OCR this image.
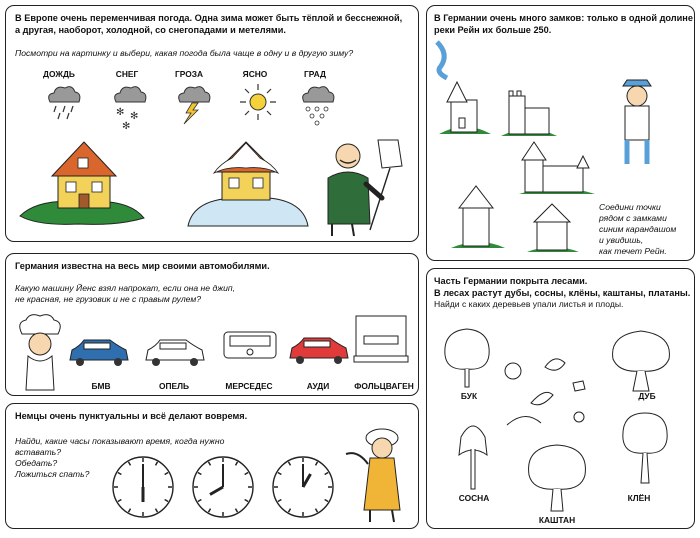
В Европе очень переменчивая погода. Одна зима может быть тёплой и бесснежной,
а другая, наоборот, холодной, со снегопадами и метелями.
Посмотри на картинку и выбери, какая погода была чаще в одну и в другую зиму?
ДОЖДЬ	СНЕГ	ГРОЗА	ЯСНО	ГРАД
✻ ✻
✻
В Германии очень много замков: только в одной долине
реки Рейн их больше 250.
Соедини точки
рядом с замками
синим карандашом
и увидишь,
как течет Рейн.
Германия известна на весь мир своими автомобилями.
Какую машину Йенс взял напрокат, если она не джип,
не красная, не грузовик и не с правым рулем?
БМВ	ОПЕЛЬ	МЕРСЕДЕС	АУДИ	ФОЛЬЦВАГЕН
Немцы очень пунктуальны и всё делают вовремя.
Найди, какие часы показывают время, когда нужно
вставать?
Обедать?
Ложиться спать?
Часть Германии покрыта лесами.
В лесах растут дубы, сосны, клёны, каштаны, платаны.
Найди с каких деревьев упали листья и плоды.
БУК	ДУБ
СОСНА	КЛЁН
КАШТАН
